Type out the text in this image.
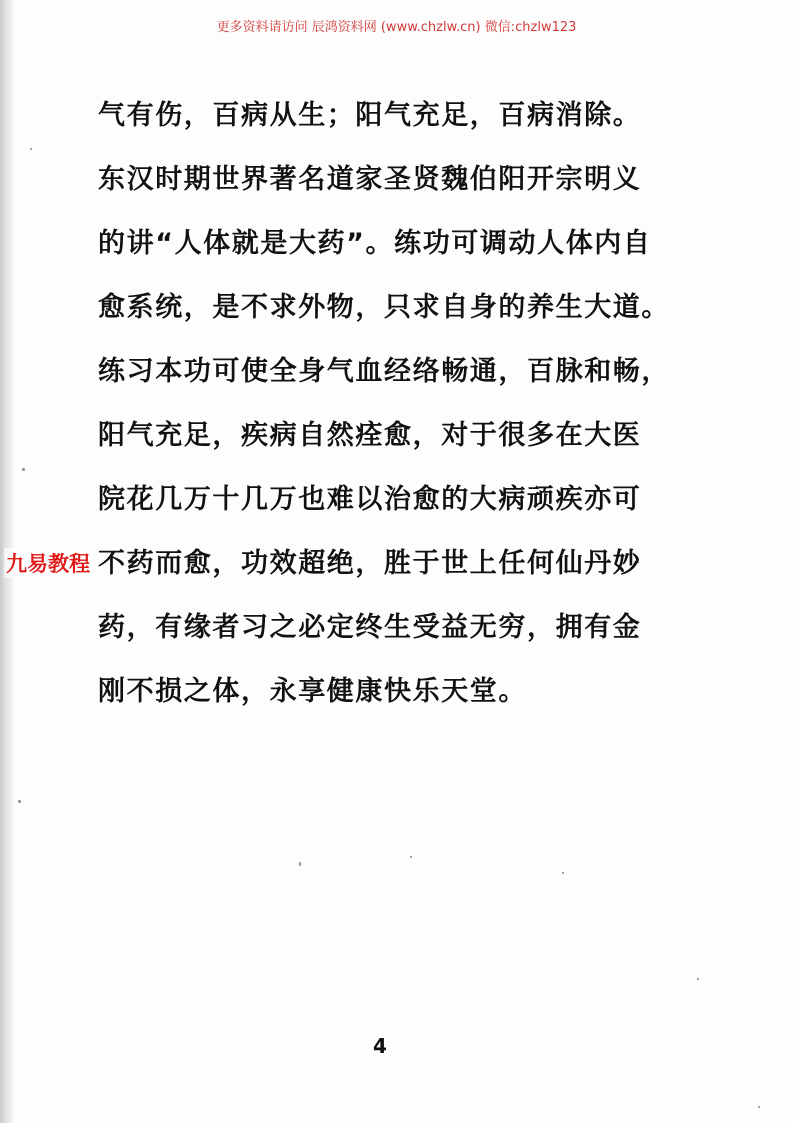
更多资料请访问 辰鸿资料网 (www.chzlw.cn) 微信:chzlw123
气有伤，百病从生；阳气充足，百病消除。
东汉时期世界著名道家圣贤魏伯阳开宗明义
的讲“人体就是大药”。练功可调动人体内自
愈系统，是不求外物，只求自身的养生大道。
练习本功可使全身气血经络畅通，百脉和畅，
阳气充足，疾病自然痊愈，对于很多在大医
院花几万十几万也难以治愈的大病顽疾亦可
不药而愈，功效超绝，胜于世上任何仙丹妙
药，有缘者习之必定终生受益无穷，拥有金
刚不损之体，永享健康快乐天堂。
九易教程
4
